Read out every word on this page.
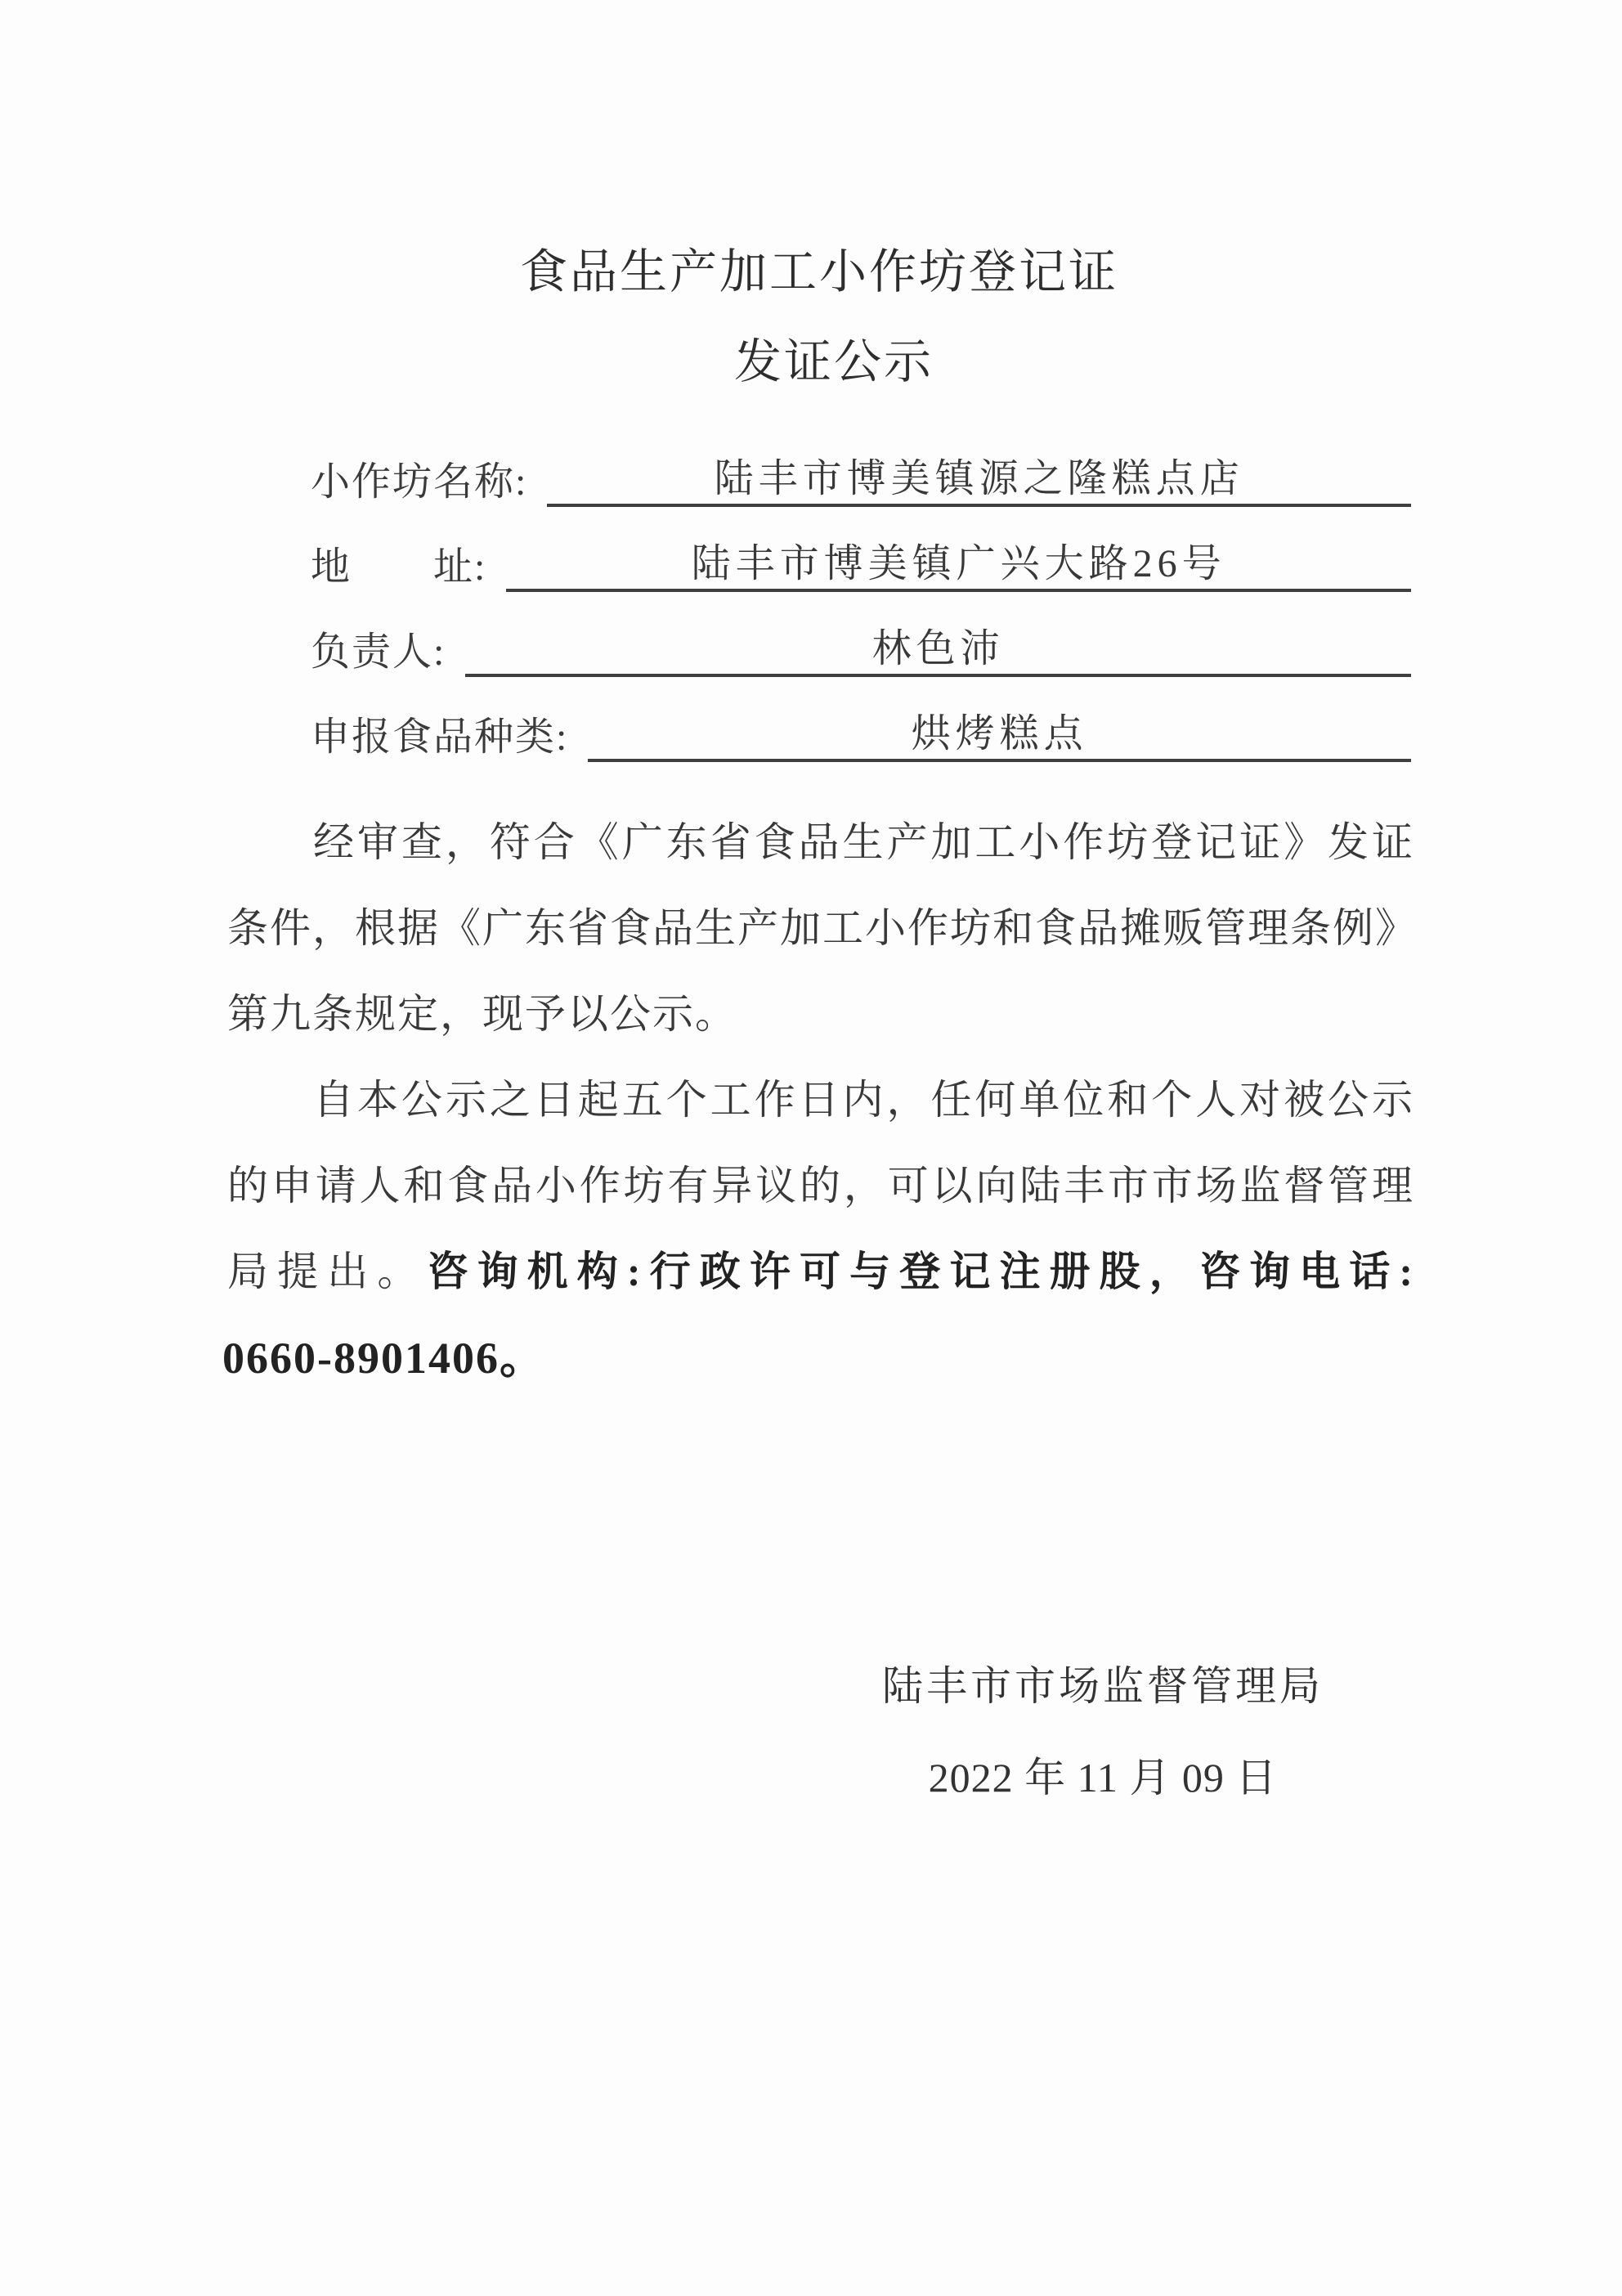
食品生产加工小作坊登记证
发证公示
小作坊名称:	陆丰市博美镇源之隆糕点店
地　　址:	陆丰市博美镇广兴大路26号
负责人:	林色沛
申报食品种类:	烘烤糕点
经审查，符合《广东省食品生产加工小作坊登记证》发证
条件，根据《广东省食品生产加工小作坊和食品摊贩管理条例》
第九条规定，现予以公示。
自本公示之日起五个工作日内，任何单位和个人对被公示
的申请人和食品小作坊有异议的，可以向陆丰市市场监督管理
局提出。咨询机构:行政许可与登记注册股，咨询电话:
0660-8901406。
陆丰市市场监督管理局
2022 年 11 月 09 日
